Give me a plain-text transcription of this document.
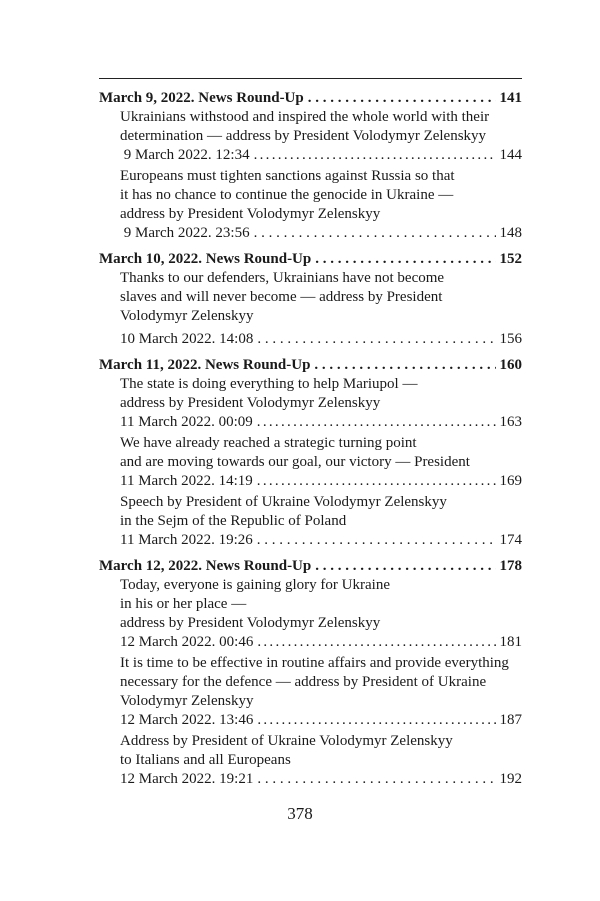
March 9, 2022. News Round-Up . . .	141
Ukrainians withstood and inspired the whole world with their
determination — address by President Volodymyr Zelenskyy
9 March 2022. 12:34 .....	144
Europeans must tighten sanctions against Russia so that
it has no chance to continue the genocide in Ukraine —
address by President Volodymyr Zelenskyy
9 March 2022. 23:56 . . .	148
March 10, 2022. News Round-Up . . .	152
Thanks to our defenders, Ukrainians have not become
slaves and will never become — address by President
Volodymyr Zelenskyy
10 March 2022. 14:08 . . .	156
March 11, 2022. News Round-Up . . .	160
The state is doing everything to help Mariupol —
address by President Volodymyr Zelenskyy
11 March 2022. 00:09 .....	163
We have already reached a strategic turning point
and are moving towards our goal, our victory — President
11 March 2022. 14:19 .....	169
Speech by President of Ukraine Volodymyr Zelenskyy
in the Sejm of the Republic of Poland
11 March 2022. 19:26 . . .	174
March 12, 2022. News Round-Up . . .	178
Today, everyone is gaining glory for Ukraine
in his or her place —
address by President Volodymyr Zelenskyy
12 March 2022. 00:46 .....	181
It is time to be effective in routine affairs and provide everything
necessary for the defence — address by President of Ukraine
Volodymyr Zelenskyy
12 March 2022. 13:46 .....	187
Address by President of Ukraine Volodymyr Zelenskyy
to Italians and all Europeans
12 March 2022. 19:21 . . .	192
378
